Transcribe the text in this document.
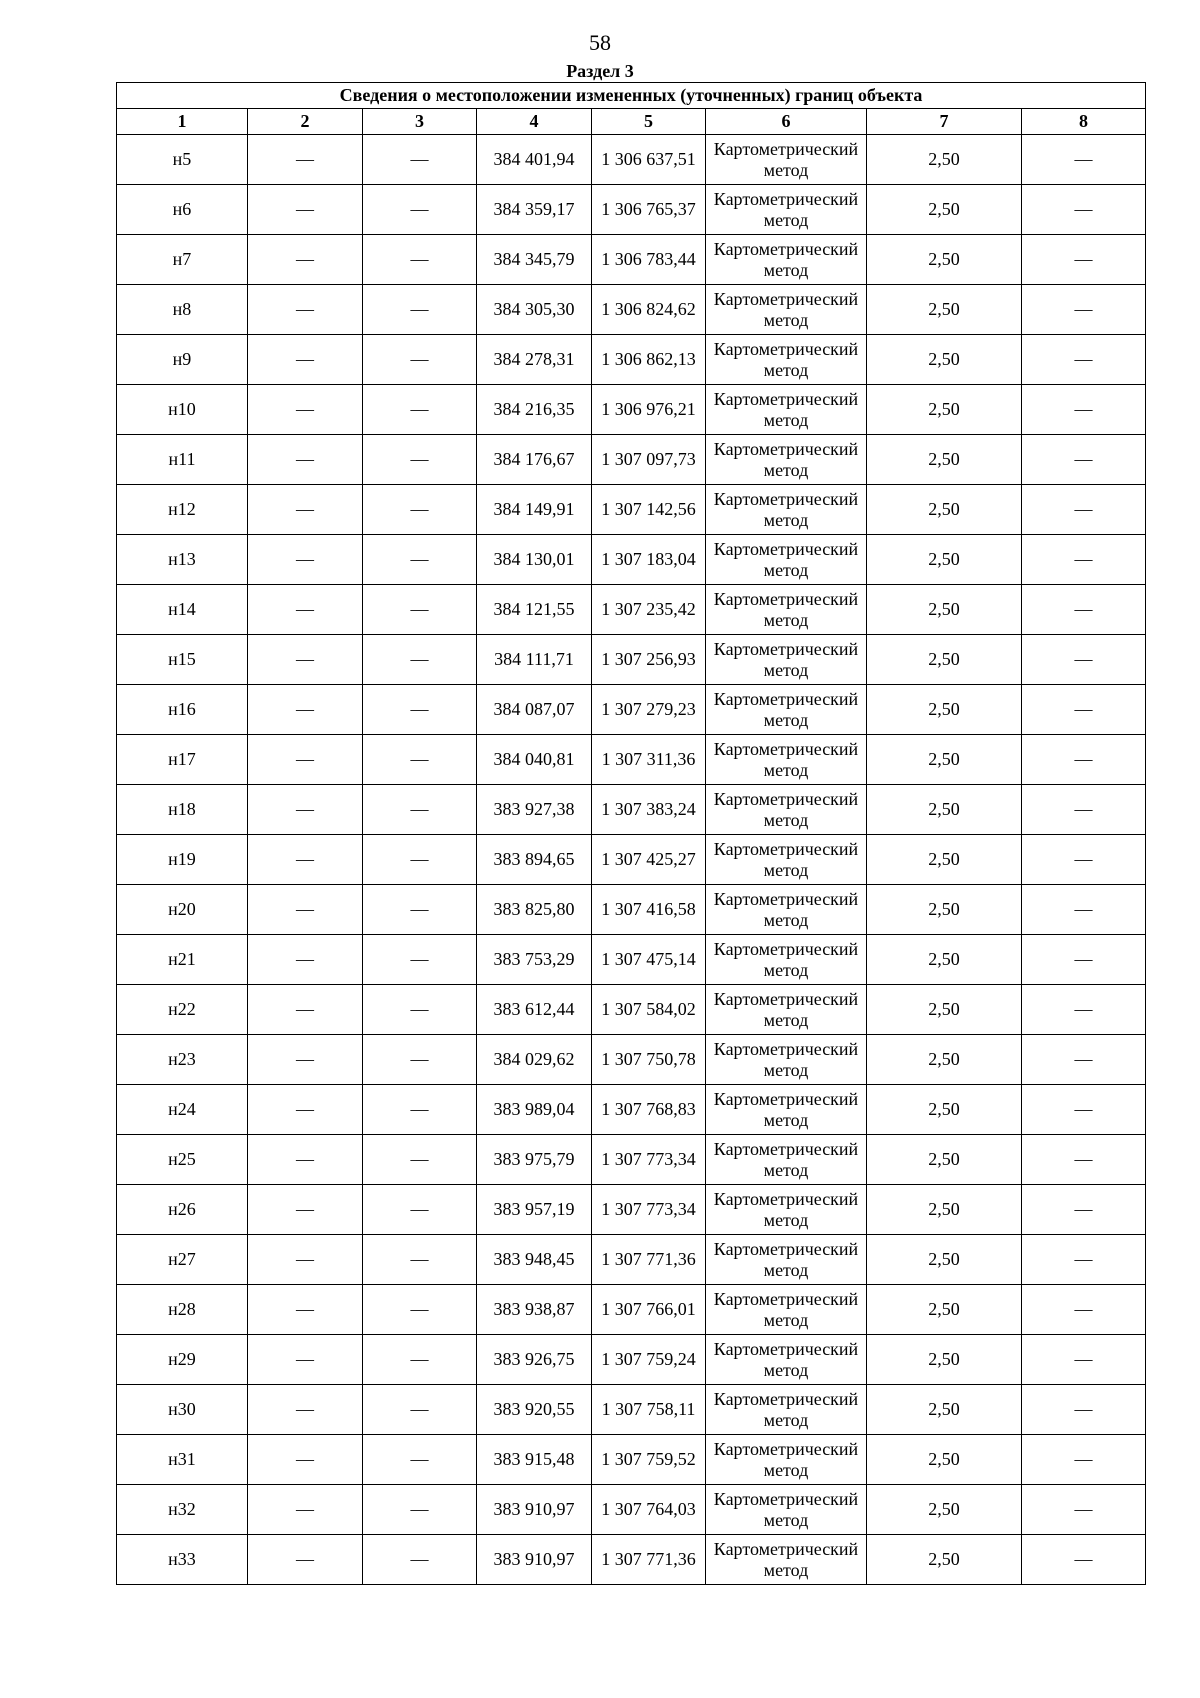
58
Раздел 3
Сведения о местоположении измененных (уточненных) границ объекта							
1	2	3	4	5	6	7	8
н5	—	—	384 401,94	1 306 637,51	Картометрический метод	2,50	—
н6	—	—	384 359,17	1 306 765,37	Картометрический метод	2,50	—
н7	—	—	384 345,79	1 306 783,44	Картометрический метод	2,50	—
н8	—	—	384 305,30	1 306 824,62	Картометрический метод	2,50	—
н9	—	—	384 278,31	1 306 862,13	Картометрический метод	2,50	—
н10	—	—	384 216,35	1 306 976,21	Картометрический метод	2,50	—
н11	—	—	384 176,67	1 307 097,73	Картометрический метод	2,50	—
н12	—	—	384 149,91	1 307 142,56	Картометрический метод	2,50	—
н13	—	—	384 130,01	1 307 183,04	Картометрический метод	2,50	—
н14	—	—	384 121,55	1 307 235,42	Картометрический метод	2,50	—
н15	—	—	384 111,71	1 307 256,93	Картометрический метод	2,50	—
н16	—	—	384 087,07	1 307 279,23	Картометрический метод	2,50	—
н17	—	—	384 040,81	1 307 311,36	Картометрический метод	2,50	—
н18	—	—	383 927,38	1 307 383,24	Картометрический метод	2,50	—
н19	—	—	383 894,65	1 307 425,27	Картометрический метод	2,50	—
н20	—	—	383 825,80	1 307 416,58	Картометрический метод	2,50	—
н21	—	—	383 753,29	1 307 475,14	Картометрический метод	2,50	—
н22	—	—	383 612,44	1 307 584,02	Картометрический метод	2,50	—
н23	—	—	384 029,62	1 307 750,78	Картометрический метод	2,50	—
н24	—	—	383 989,04	1 307 768,83	Картометрический метод	2,50	—
н25	—	—	383 975,79	1 307 773,34	Картометрический метод	2,50	—
н26	—	—	383 957,19	1 307 773,34	Картометрический метод	2,50	—
н27	—	—	383 948,45	1 307 771,36	Картометрический метод	2,50	—
н28	—	—	383 938,87	1 307 766,01	Картометрический метод	2,50	—
н29	—	—	383 926,75	1 307 759,24	Картометрический метод	2,50	—
н30	—	—	383 920,55	1 307 758,11	Картометрический метод	2,50	—
н31	—	—	383 915,48	1 307 759,52	Картометрический метод	2,50	—
н32	—	—	383 910,97	1 307 764,03	Картометрический метод	2,50	—
н33	—	—	383 910,97	1 307 771,36	Картометрический метод	2,50	—
